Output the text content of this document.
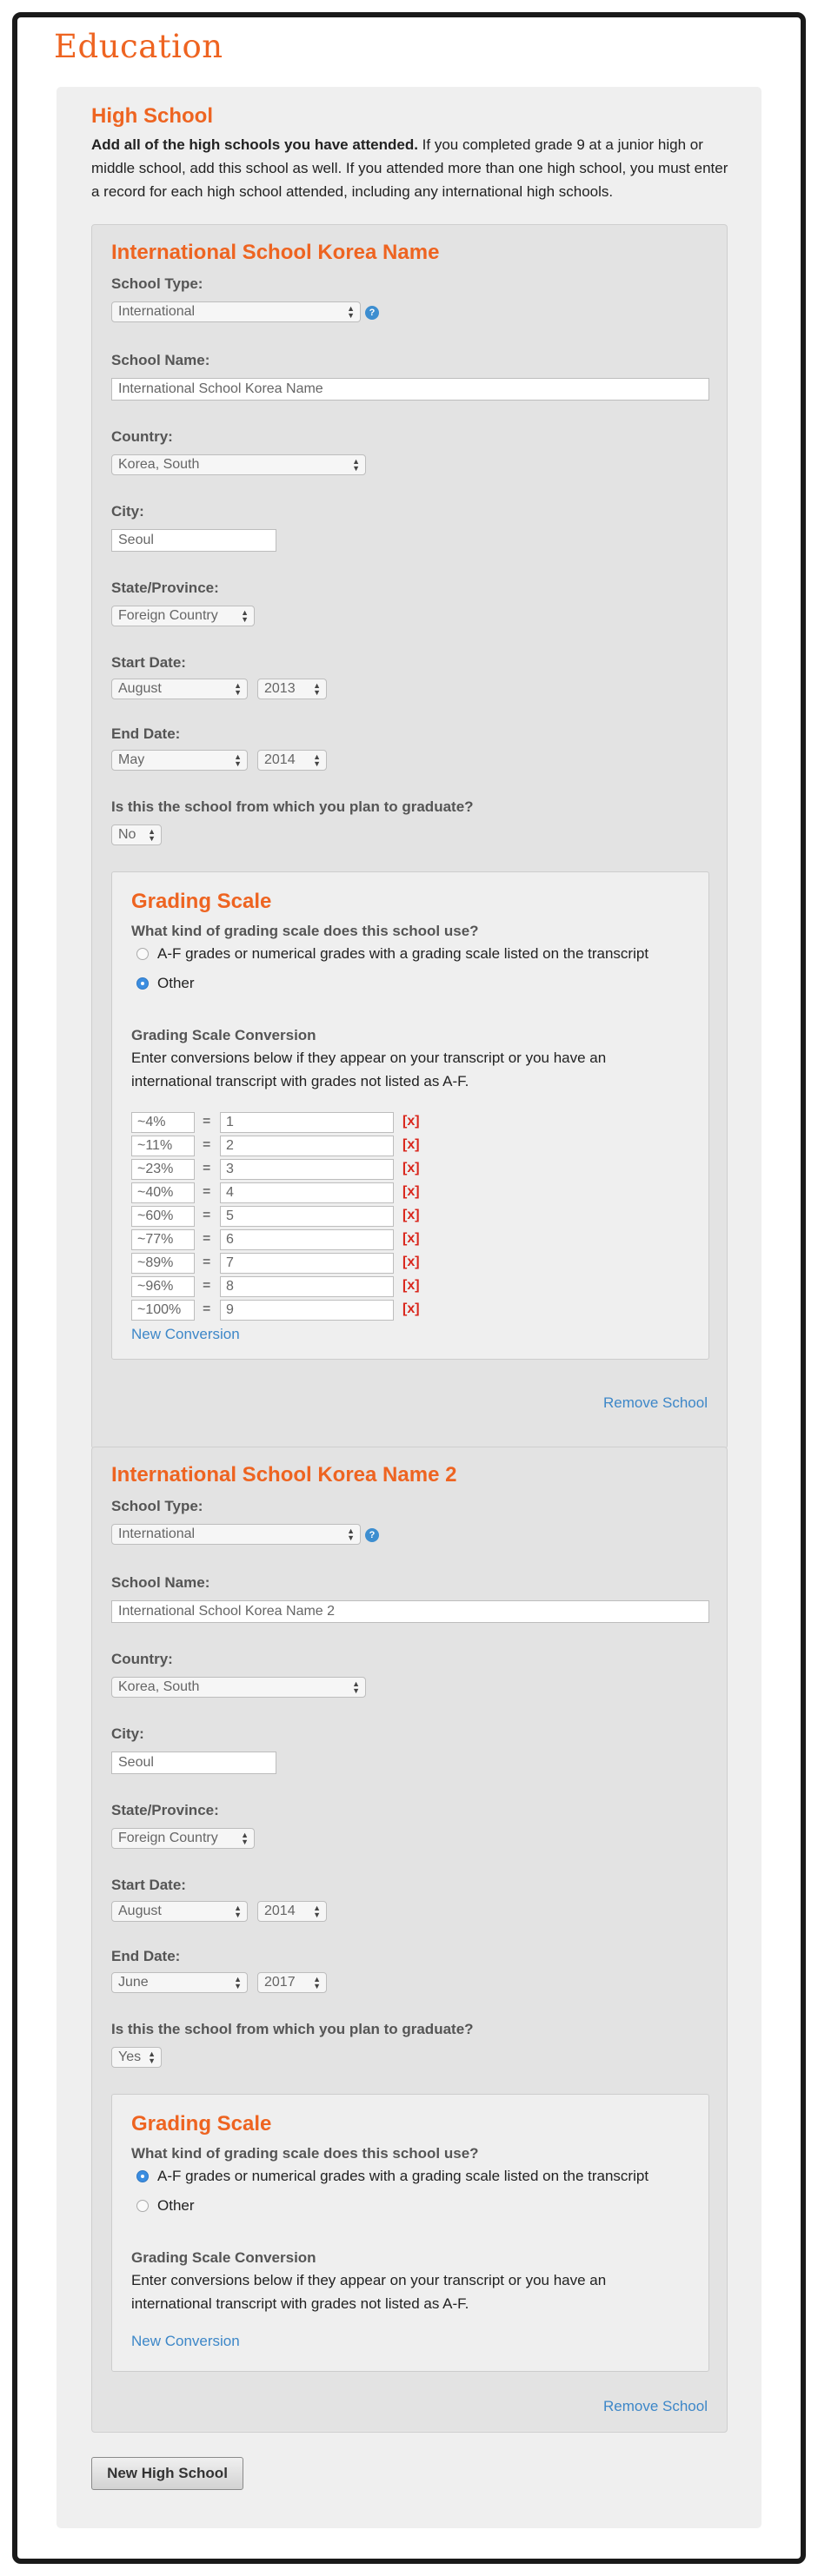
Education
High School

Add all of the high schools you have attended. If you completed grade 9 at a junior high or middle school, add this school as well. If you attended more than one high school, you must enter a record for each high school attended, including any international high schools.

International School Korea Name

School Type:

International	▲
▼	?

School Name:

International School Korea Name

Country:

Korea, South	▲
▼

City:

Seoul

State/Province:

Foreign Country	▲
▼

Start Date:

August	▲
▼	2013 ▲
▼

End Date:

May	▲
▼	2014 ▲
▼

Is this the school from which you plan to graduate?

No ▲
▼
Grading Scale

What kind of grading scale does this school use?

A-F grades or numerical grades with a grading scale listed on the transcript
Other

Grading Scale Conversion

Enter conversions below if they appear on your transcript or you have an international transcript with grades not listed as A-F.

~4%	=	1	[x]
~11%	=	2	[x]
~23%	=	3	[x]
~40%	=	4	[x]
~60%	=	5	[x]
~77%	=	6	[x]
~89%	=	7	[x]
~96%	=	8	[x]
~100%	=	9	[x]
New Conversion
Remove School
International School Korea Name 2

School Type:

International	▲
▼	?

School Name:

International School Korea Name 2

Country:

Korea, South	▲
▼

City:

Seoul

State/Province:

Foreign Country	▲
▼

Start Date:

August	▲
▼	2014 ▲
▼

End Date:

June	▲
▼	2017 ▲
▼

Is this the school from which you plan to graduate?

Yes ▲
▼
Grading Scale

What kind of grading scale does this school use?

A-F grades or numerical grades with a grading scale listed on the transcript
Other

Grading Scale Conversion

Enter conversions below if they appear on your transcript or you have an international transcript with grades not listed as A-F.

New Conversion
Remove School
New High School
